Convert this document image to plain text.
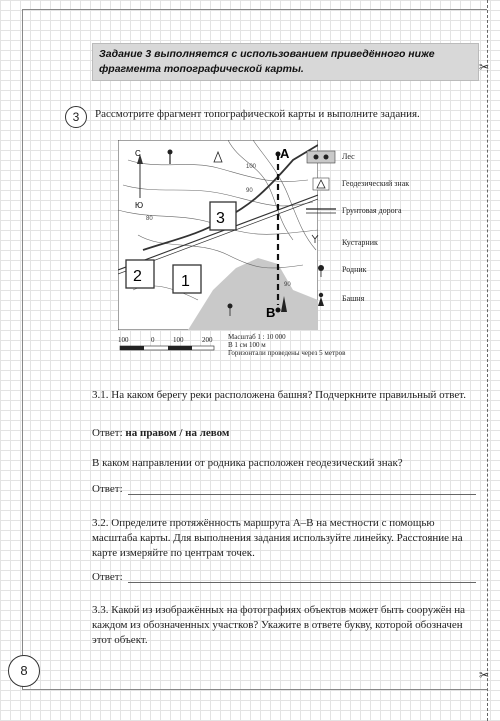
✂
✂
Задание 3 выполняется с использованием приведённого ниже фрагмента топографической карты.
3	Рассмотрите фрагмент топографической карты и выполните задания.
С
Ю
А
В
3
2 1
100
90
80
90
Лес
Геодезический знак
Грунтовая дорога
Кустарник
Родник
Башня
100	0	100	200 Масштаб 1 : 10 000
В 1 см 100 м
Горизонтали проведены через 5 метров
3.1. На каком берегу реки расположена башня? Подчеркните правильный ответ.
Ответ: на правом / на левом
В каком направлении от родника расположен геодезический знак?
Ответ:
3.2. Определите протяжённость маршрута А–В на местности с помощью масштаба карты. Для выполнения задания используйте линейку. Расстояние на карте измеряйте по центрам точек.
Ответ:
3.3. Какой из изображённых на фотографиях объектов может быть сооружён на каждом из обозначенных участков? Укажите в ответе букву, которой обозначен этот объект.
8
